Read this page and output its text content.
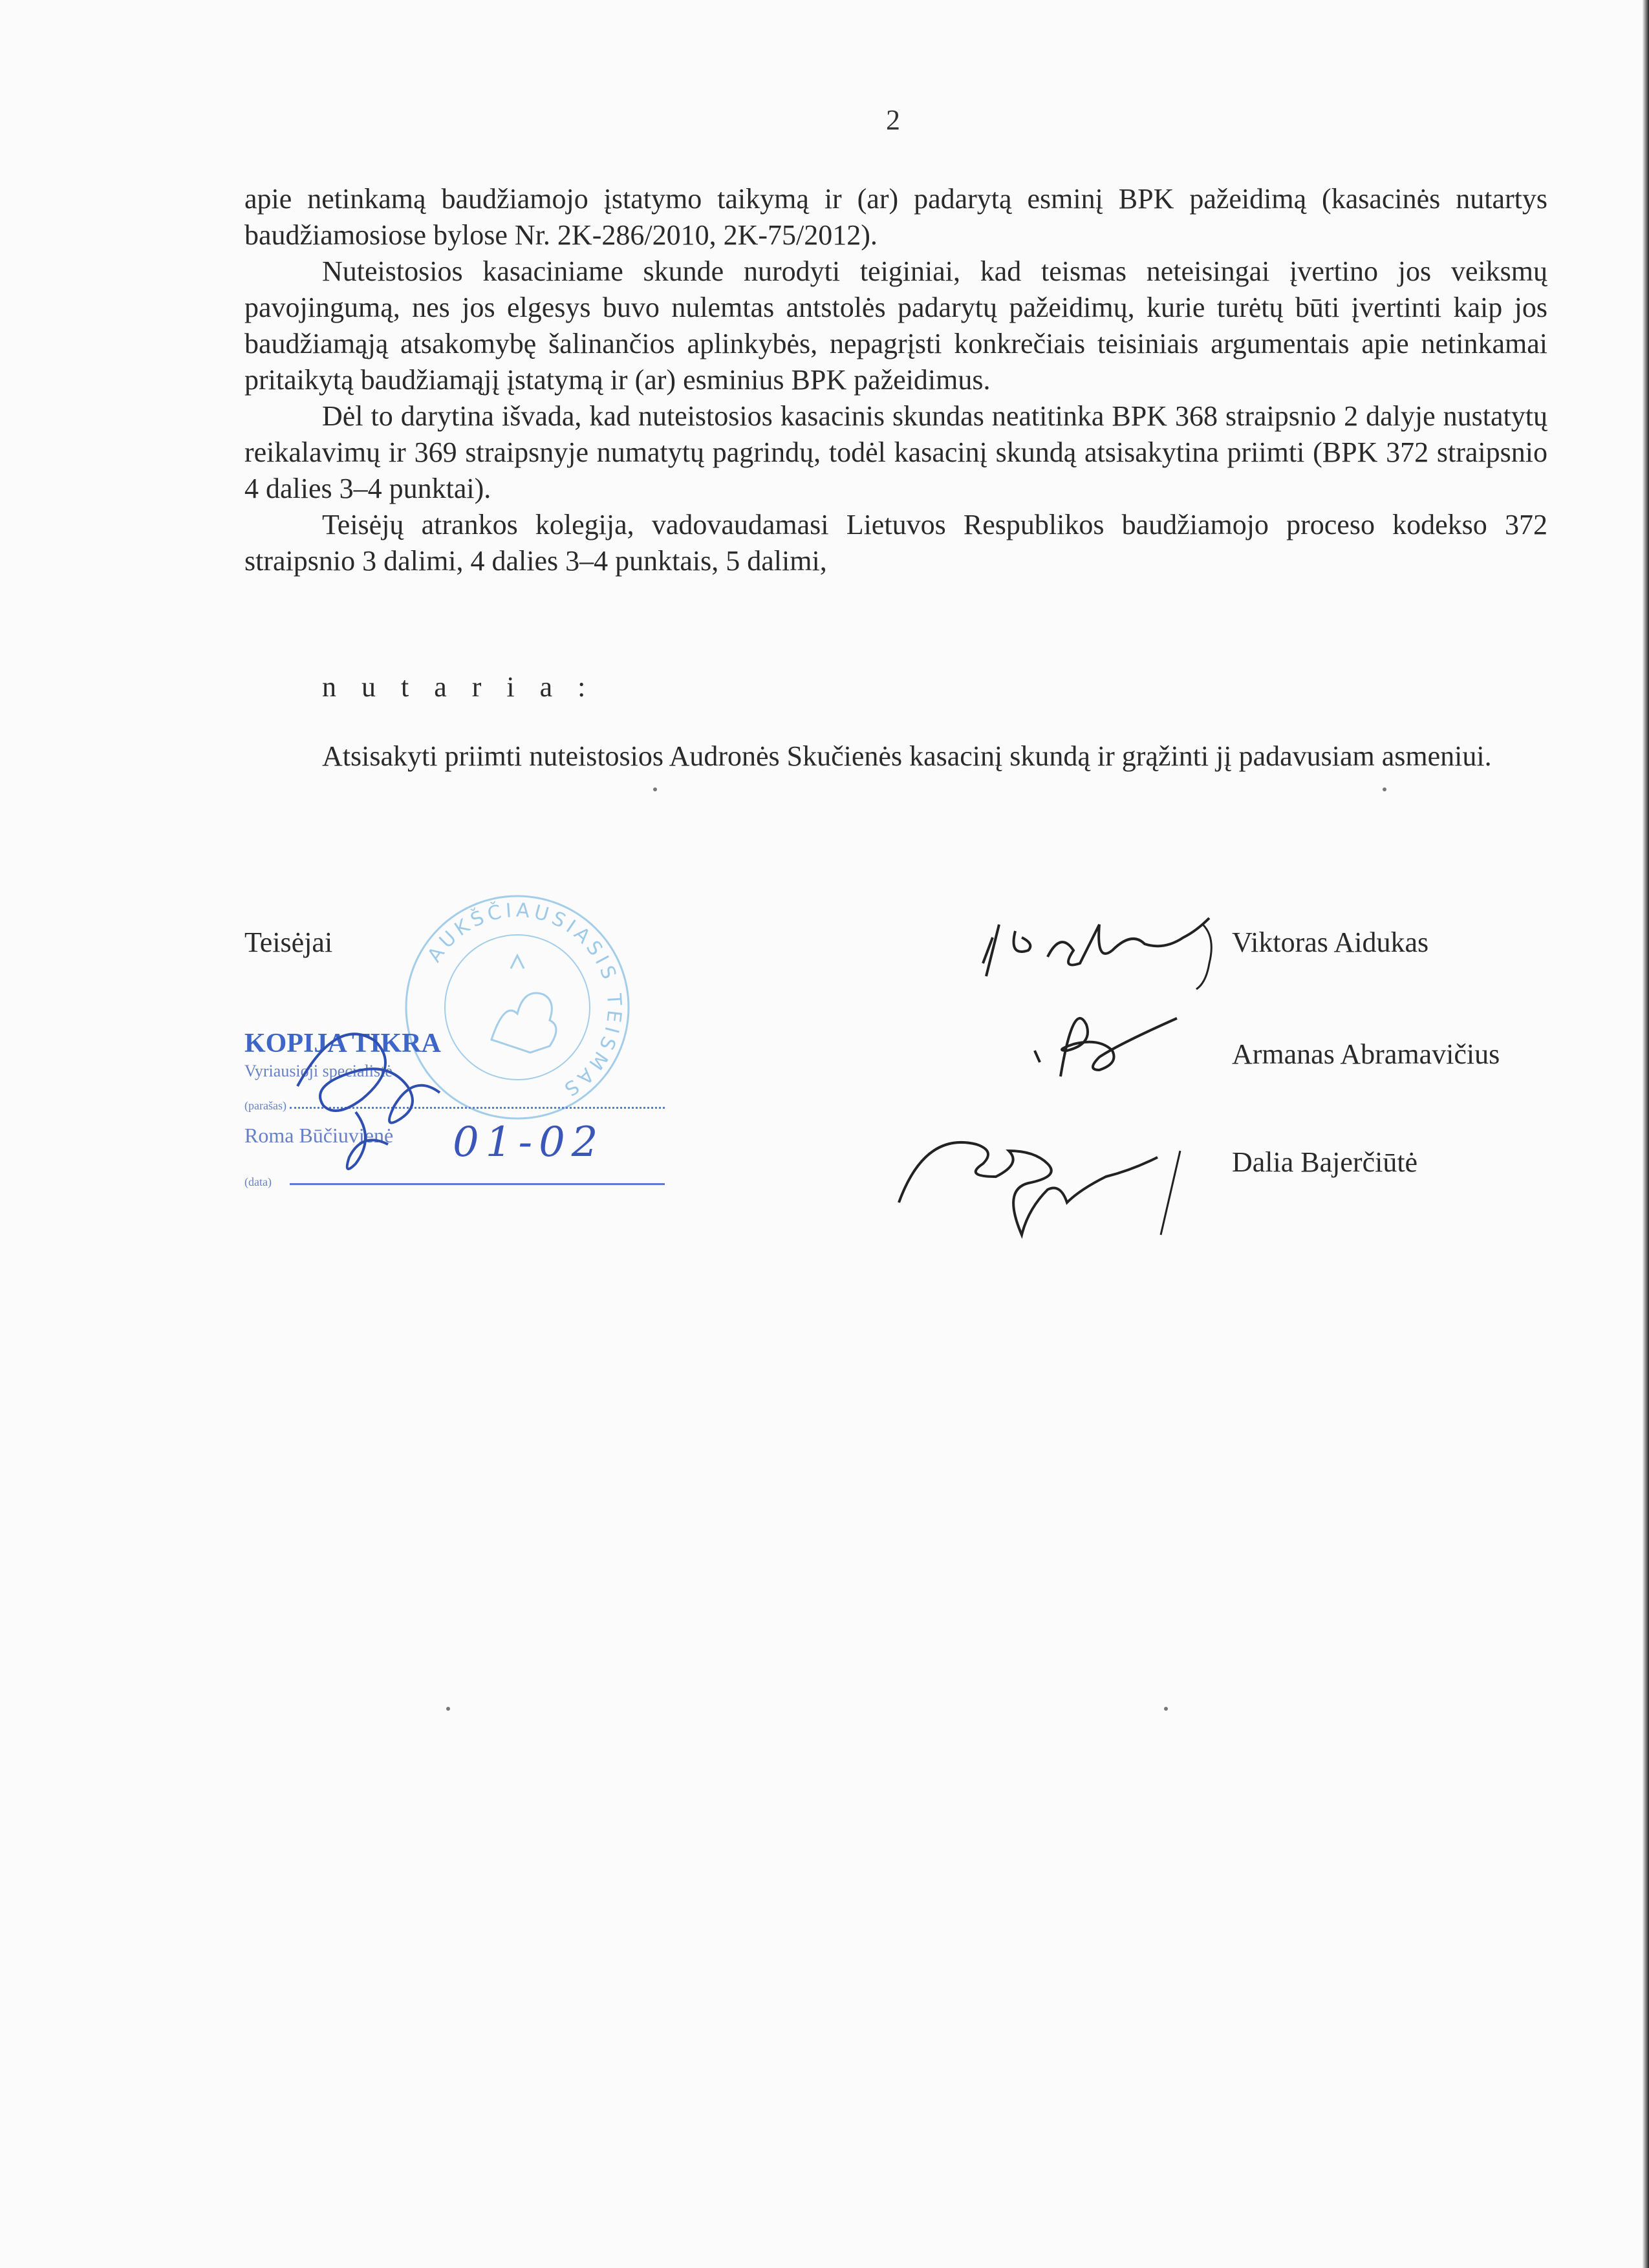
2

apie netinkamą baudžiamojo įstatymo taikymą ir (ar) padarytą esminį BPK pažeidimą (kasacinės nutartys baudžiamosiose bylose Nr. 2K-286/2010, 2K-75/2012).

Nuteistosios kasaciniame skunde nurodyti teiginiai, kad teismas neteisingai įvertino jos veiksmų pavojingumą, nes jos elgesys buvo nulemtas antstolės padarytų pažeidimų, kurie turėtų būti įvertinti kaip jos baudžiamąją atsakomybę šalinančios aplinkybės, nepagrįsti konkrečiais teisiniais argumentais apie netinkamai pritaikytą baudžiamąjį įstatymą ir (ar) esminius BPK pažeidimus.

Dėl to darytina išvada, kad nuteistosios kasacinis skundas neatitinka BPK 368 straipsnio 2 dalyje nustatytų reikalavimų ir 369 straipsnyje numatytų pagrindų, todėl kasacinį skundą atsisakytina priimti (BPK 372 straipsnio 4 dalies 3–4 punktai).

Teisėjų atrankos kolegija, vadovaudamasi Lietuvos Respublikos baudžiamojo proceso kodekso 372 straipsnio 3 dalimi, 4 dalies 3–4 punktais, 5 dalimi,

n u t a r i a :
Atsisakyti priimti nuteistosios Audronės Skučienės kasacinį skundą ir grąžinti jį padavusiam asmeniui.
Teisėjai	AUKŠČIAUSIASIS TEISMAS
KOPIJA TIKRA
Vyriausioji specialistė
(parašas)
Roma Būčiuvienė
(data)
01-02
Viktoras Aidukas
Armanas Abramavičius
Dalia Bajerčiūtė
